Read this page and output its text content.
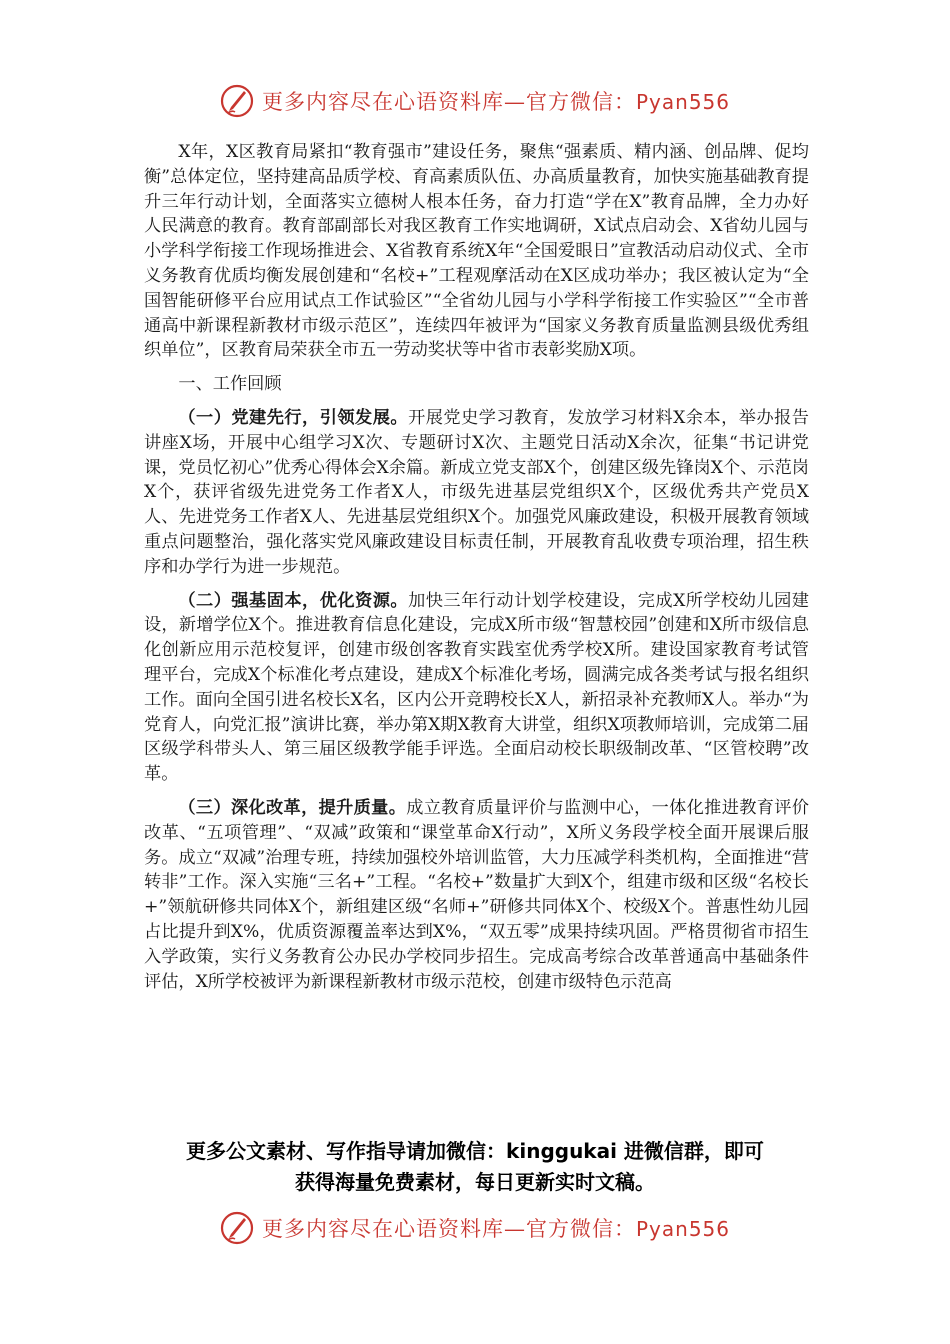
更多内容尽在心语资料库—官方微信：Pyan556

X年，X区教育局紧扣“教育强市”建设任务，聚焦“强素质、精内涵、创品牌、促均衡”总体定位，坚持建高品质学校、育高素质队伍、办高质量教育，加快实施基础教育提升三年行动计划，全面落实立德树人根本任务，奋力打造“学在X”教育品牌，全力办好人民满意的教育。教育部副部长对我区教育工作实地调研，X试点启动会、X省幼儿园与小学科学衔接工作现场推进会、X省教育系统X年“全国爱眼日”宣教活动启动仪式、全市义务教育优质均衡发展创建和“名校+”工程观摩活动在X区成功举办；我区被认定为“全国智能研修平台应用试点工作试验区”“全省幼儿园与小学科学衔接工作实验区”“全市普通高中新课程新教材市级示范区”，连续四年被评为“国家义务教育质量监测县级优秀组织单位”，区教育局荣获全市五一劳动奖状等中省市表彰奖励X项。

一、工作回顾

（一）党建先行，引领发展。开展党史学习教育，发放学习材料X余本，举办报告讲座X场，开展中心组学习X次、专题研讨X次、主题党日活动X余次，征集“书记讲党课，党员忆初心”优秀心得体会X余篇。新成立党支部X个，创建区级先锋岗X个、示范岗X个，获评省级先进党务工作者X人，市级先进基层党组织X个，区级优秀共产党员X人、先进党务工作者X人、先进基层党组织X个。加强党风廉政建设，积极开展教育领域重点问题整治，强化落实党风廉政建设目标责任制，开展教育乱收费专项治理，招生秩序和办学行为进一步规范。

（二）强基固本，优化资源。加快三年行动计划学校建设，完成X所学校幼儿园建设，新增学位X个。推进教育信息化建设，完成X所市级“智慧校园”创建和X所市级信息化创新应用示范校复评，创建市级创客教育实践室优秀学校X所。建设国家教育考试管理平台，完成X个标准化考点建设，建成X个标准化考场，圆满完成各类考试与报名组织工作。面向全国引进名校长X名，区内公开竞聘校长X人，新招录补充教师X人。举办“为党育人，向党汇报”演讲比赛，举办第X期X教育大讲堂，组织X项教师培训，完成第二届区级学科带头人、第三届区级教学能手评选。全面启动校长职级制改革、“区管校聘”改革。

（三）深化改革，提升质量。成立教育质量评价与监测中心，一体化推进教育评价改革、“五项管理”、“双减”政策和“课堂革命X行动”，X所义务段学校全面开展课后服务。成立“双减”治理专班，持续加强校外培训监管，大力压减学科类机构，全面推进“营转非”工作。深入实施“三名+”工程。“名校+”数量扩大到X个，组建市级和区级“名校长+”领航研修共同体X个，新组建区级“名师+”研修共同体X个、校级X个。普惠性幼儿园占比提升到X%，优质资源覆盖率达到X%，“双五零”成果持续巩固。严格贯彻省市招生入学政策，实行义务教育公办民办学校同步招生。完成高考综合改革普通高中基础条件评估，X所学校被评为新课程新教材市级示范校，创建市级特色示范高

更多公文素材、写作指导请加微信：kinggukai 进微信群，即可
获得海量免费素材，每日更新实时文稿。
更多内容尽在心语资料库—官方微信：Pyan556
